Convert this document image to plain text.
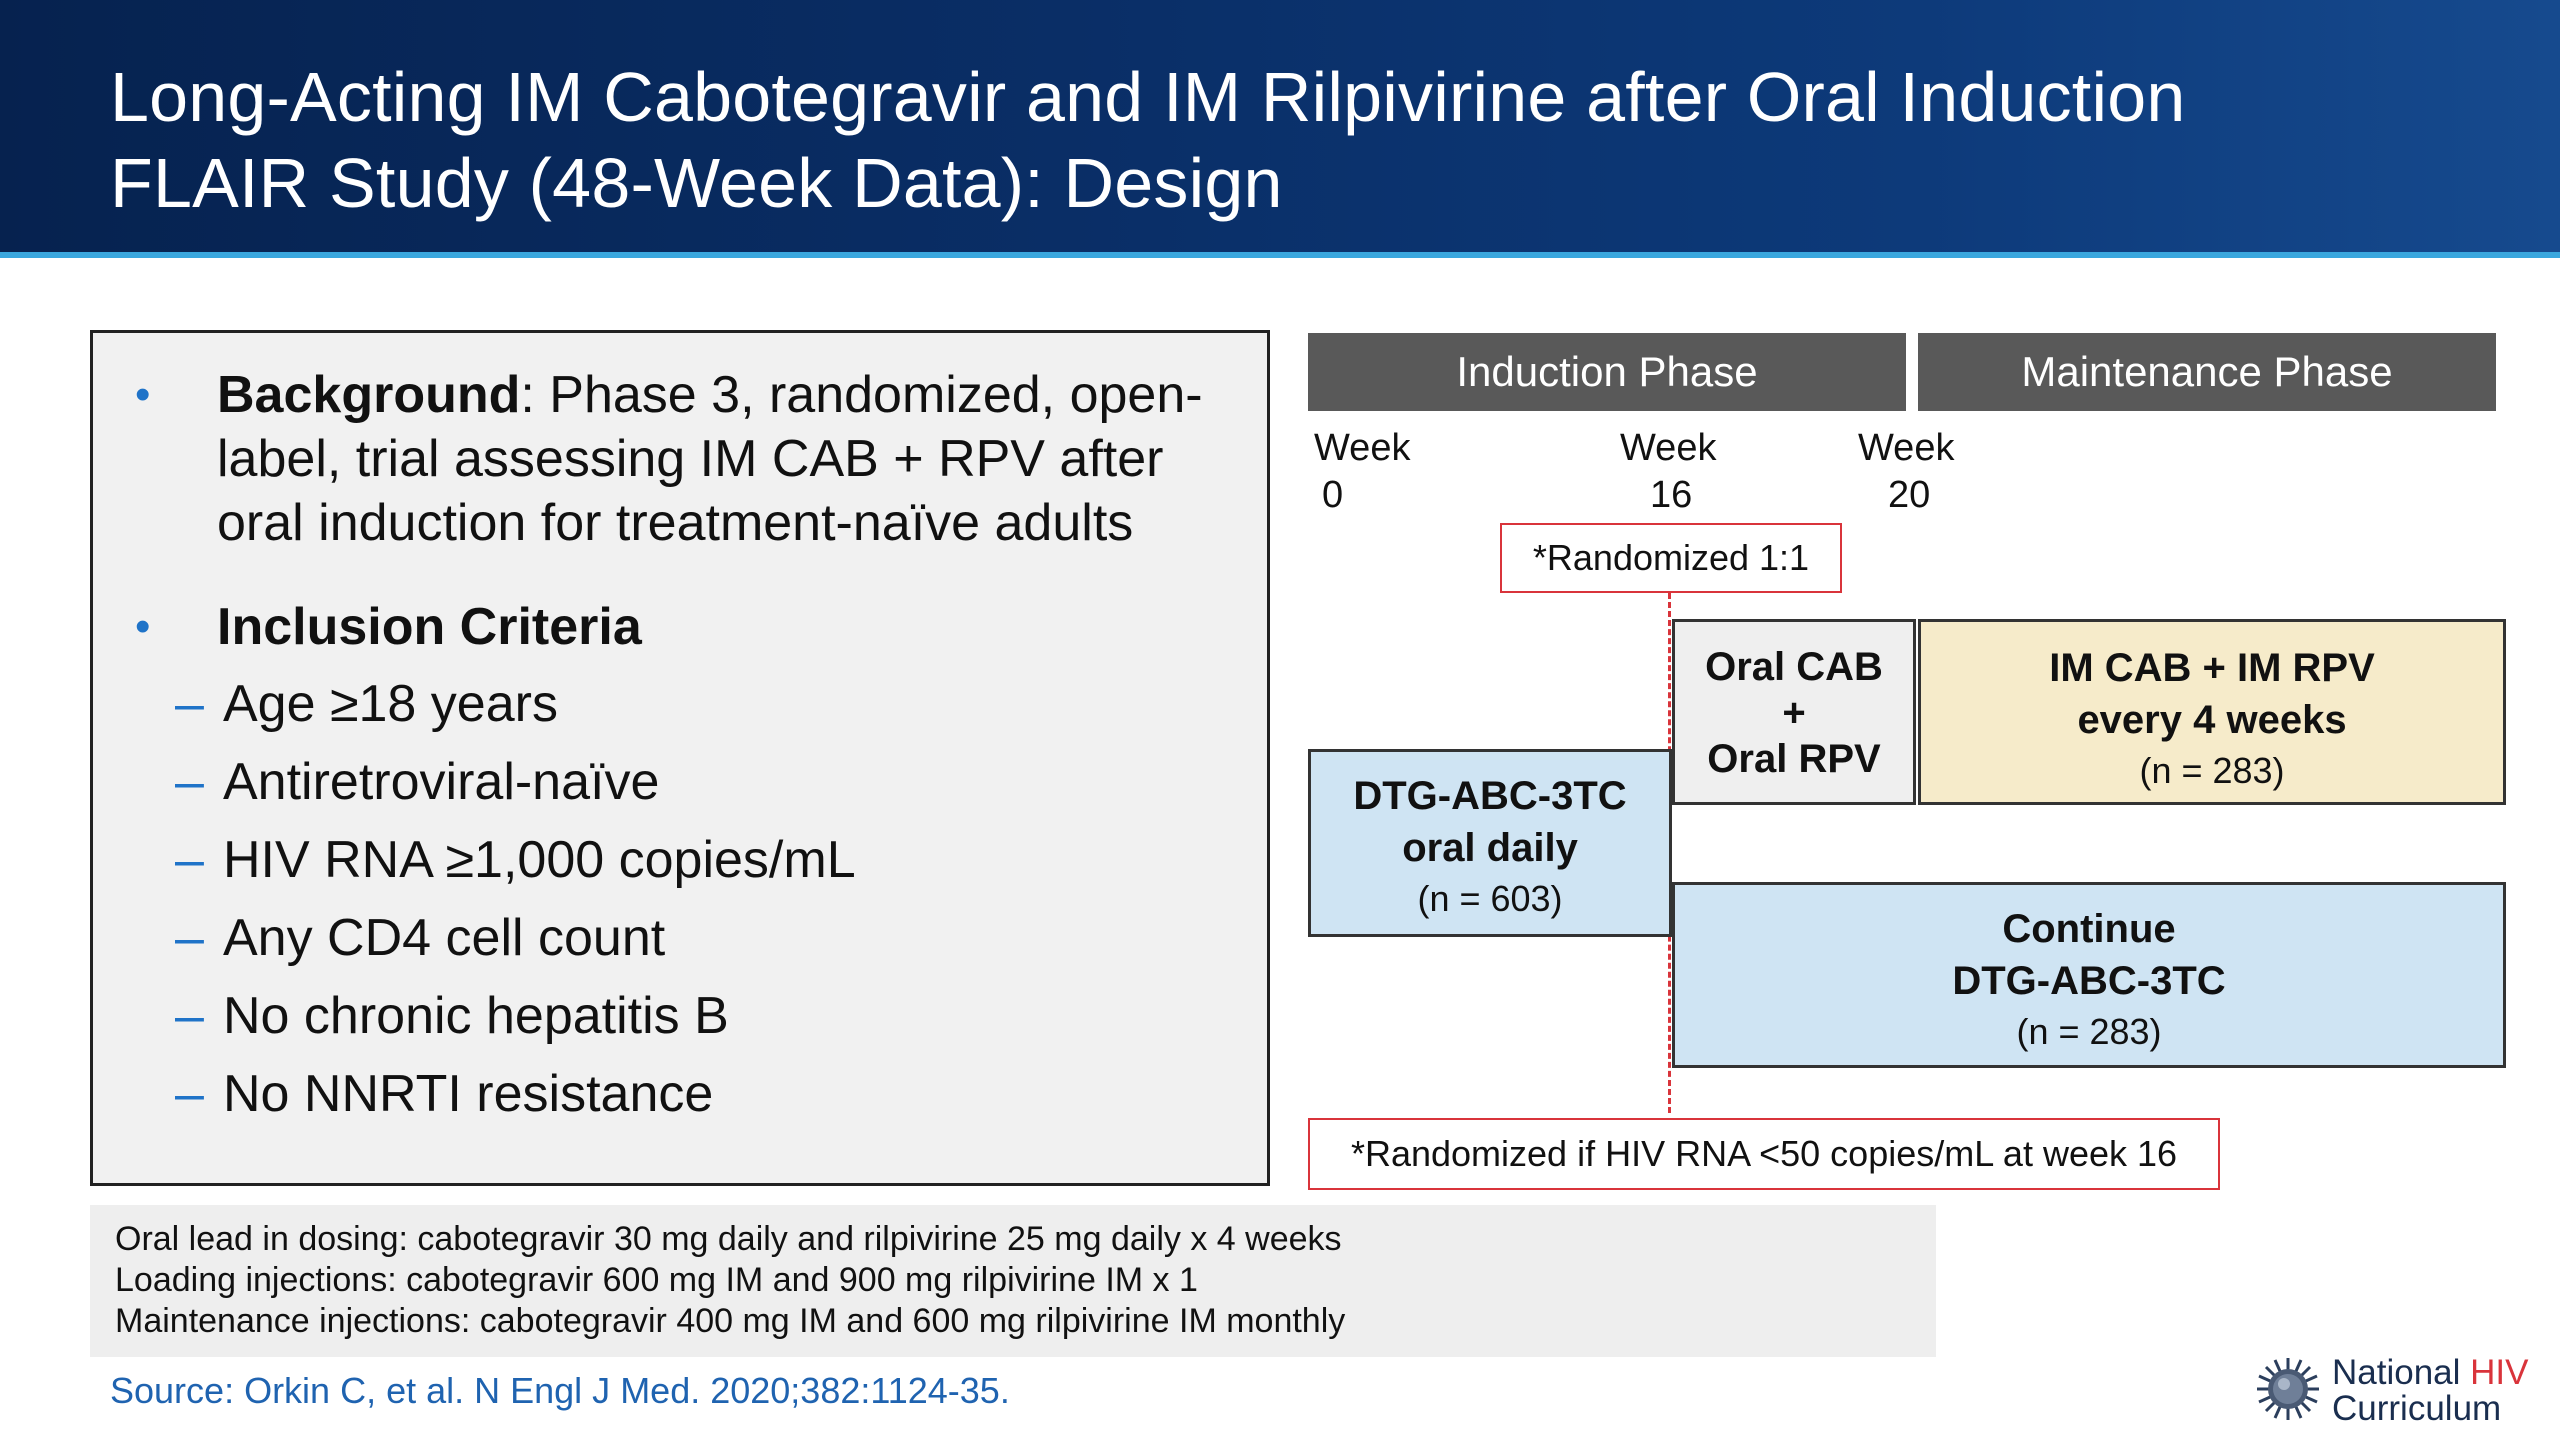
Long-Acting IM Cabotegravir and IM Rilpivirine after Oral Induction
FLAIR Study (48-Week Data): Design
• Background: Phase 3, randomized, open-label, trial assessing IM CAB + RPV after oral induction for treatment-naïve adults
• Inclusion Criteria
– Age ≥18 years
– Antiretroviral-naïve
– HIV RNA ≥1,000 copies/mL
– Any CD4 cell count
– No chronic hepatitis B
– No NNRTI resistance
Induction Phase	Maintenance Phase
Week
0
Week
16
Week
20
*Randomized 1:1
DTG-ABC-3TC
oral daily
(n = 603)
Oral CAB
+
Oral RPV
IM CAB + IM RPV
every 4 weeks
(n = 283)
Continue
DTG-ABC-3TC
(n = 283)
*Randomized if HIV RNA <50 copies/mL at week 16
Oral lead in dosing: cabotegravir 30 mg daily and rilpivirine 25 mg daily x 4 weeks
Loading injections: cabotegravir 600 mg IM and 900 mg rilpivirine IM x 1
Maintenance injections: cabotegravir 400 mg IM and 600 mg rilpivirine IM monthly
Source: Orkin C, et al. N Engl J Med. 2020;382:1124-35.	National HIV
Curriculum
